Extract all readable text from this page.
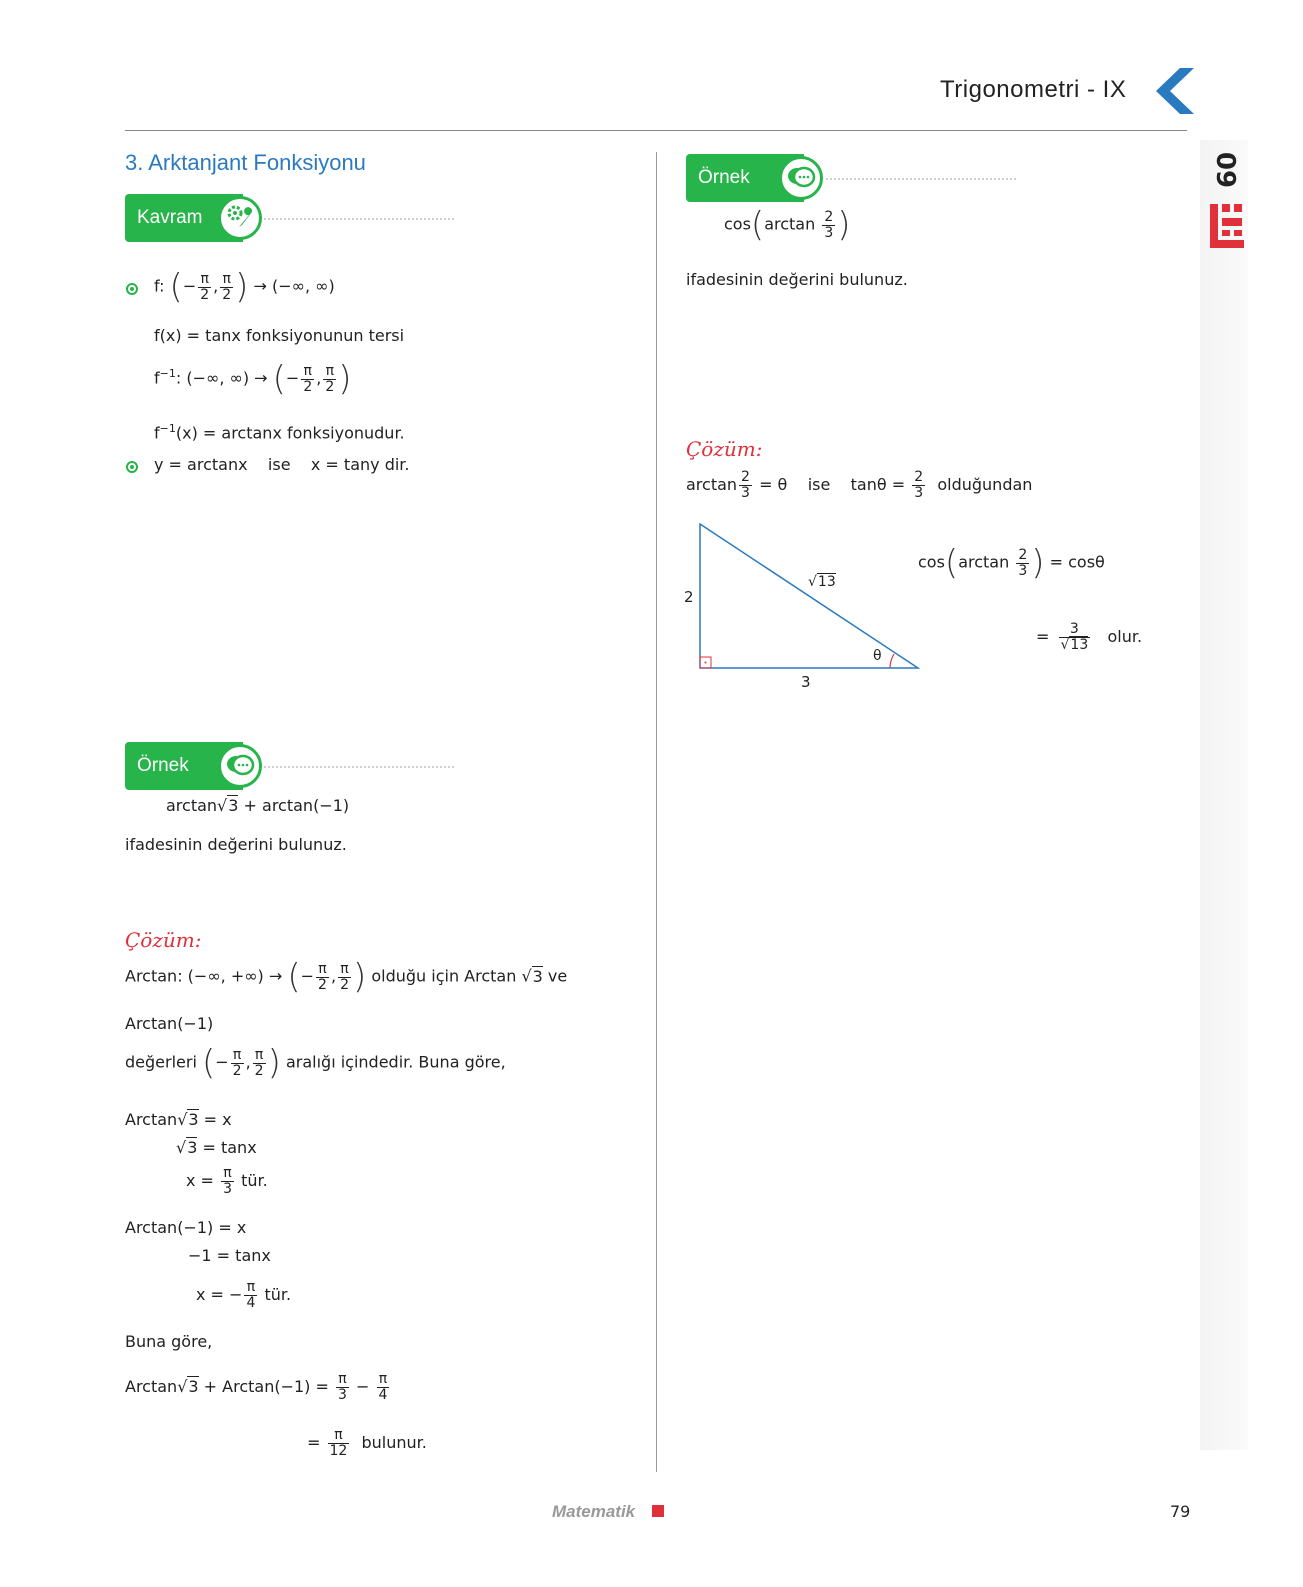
Trigonometri - IX
09
3. Arktanjant Fonksiyonu
Kavram
f: (− $\frac{\pi}{2}$ , $\frac{\pi}{2}$ ) → (−∞, ∞)
f(x) = tanx fonksiyonunun tersi
$f^{-1}$: (−∞, ∞) → (− $\frac{\pi}{2}$ , $\frac{\pi}{2}$ )
$f^{-1}(x) = \arctan x$ fonksiyonudur.
y = arctanx    ise    x = tany dir.
Örnek
arctan√3 + arctan(−1)
ifadesinin değerini bulunuz.
Çözüm:
Arctan: (−∞, +∞) → (− $\frac{\pi}{2}$ , $\frac{\pi}{2}$ ) olduğu için Arctan √3 ve
Arctan(−1)
değerleri (− $\frac{\pi}{2}$ , $\frac{\pi}{2}$ ) aralığı içindedir. Buna göre,
Arctan√3 = x
√3 = tanx
$x = \frac{\pi}{3}$ tür.
Arctan(−1) = x
−1 = tanx
x = − $\frac{\pi}{4}$ tür.
Buna göre,
$Arctan√3 + Arctan(-1) = \frac{\pi}{3} - \frac{\pi}{4}$
= $\frac{\pi}{12}$ bulunur.
Örnek
$\cos(\arctan \frac{2}{3}$ )
ifadesinin değerini bulunuz.
Çözüm:
$\arctan \frac{2}{3} = \theta$    ise    $\tan\theta = \frac{2}{3}$ olduğundan
2
3
√13
θ
$\cos(\arctan \frac{2}{3}$ ) = cosθ
= $\frac{3}{√13}$ olur.
Matematik	79
